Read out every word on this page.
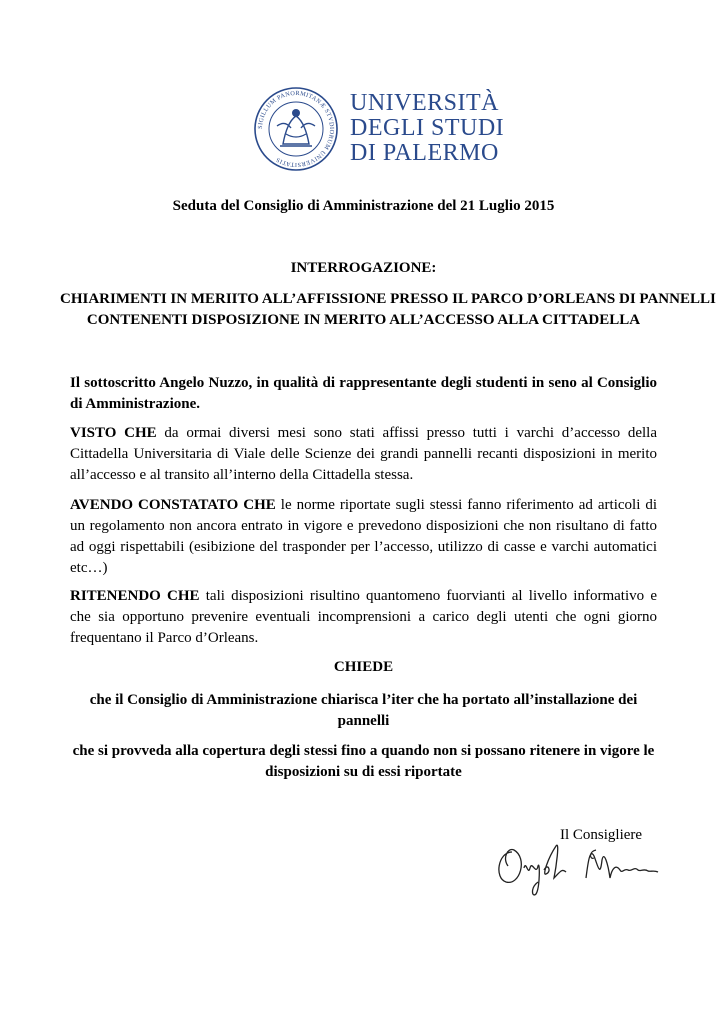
SIGILLUM PANORMITANÆ STVDIORUM UNIVERSITATIS
UNIVERSITÀ
DEGLI STUDI
DI PALERMO
Seduta del Consiglio di Amministrazione del 21 Luglio 2015
INTERROGAZIONE:
CHIARIMENTI IN MERIITO ALL’AFFISSIONE PRESSO IL PARCO D’ORLEANS DI PANNELLI
CONTENENTI DISPOSIZIONE IN MERITO ALL’ACCESSO ALLA CITTADELLA
Il sottoscritto Angelo Nuzzo, in qualità di rappresentante degli studenti in seno al Consiglio di Amministrazione.
VISTO CHE da ormai diversi mesi sono stati affissi presso tutti i varchi d’accesso della Cittadella Universitaria di Viale delle Scienze dei grandi pannelli recanti disposizioni in merito all’accesso e al transito all’interno della Cittadella stessa.
AVENDO CONSTATATO CHE le norme riportate sugli stessi fanno riferimento ad articoli di un regolamento non ancora entrato in vigore e prevedono disposizioni che non risultano di fatto ad oggi rispettabili (esibizione del trasponder per l’accesso, utilizzo di casse e varchi automatici etc…)
RITENENDO CHE tali disposizioni risultino quantomeno fuorvianti al livello informativo e che sia opportuno prevenire eventuali incomprensioni a carico degli utenti che ogni giorno frequentano il Parco d’Orleans.
CHIEDE
che il Consiglio di Amministrazione chiarisca l’iter che ha portato all’installazione dei pannelli
che si provveda alla copertura degli stessi fino a quando non si possano ritenere in vigore le disposizioni su di essi riportate
Il Consigliere
